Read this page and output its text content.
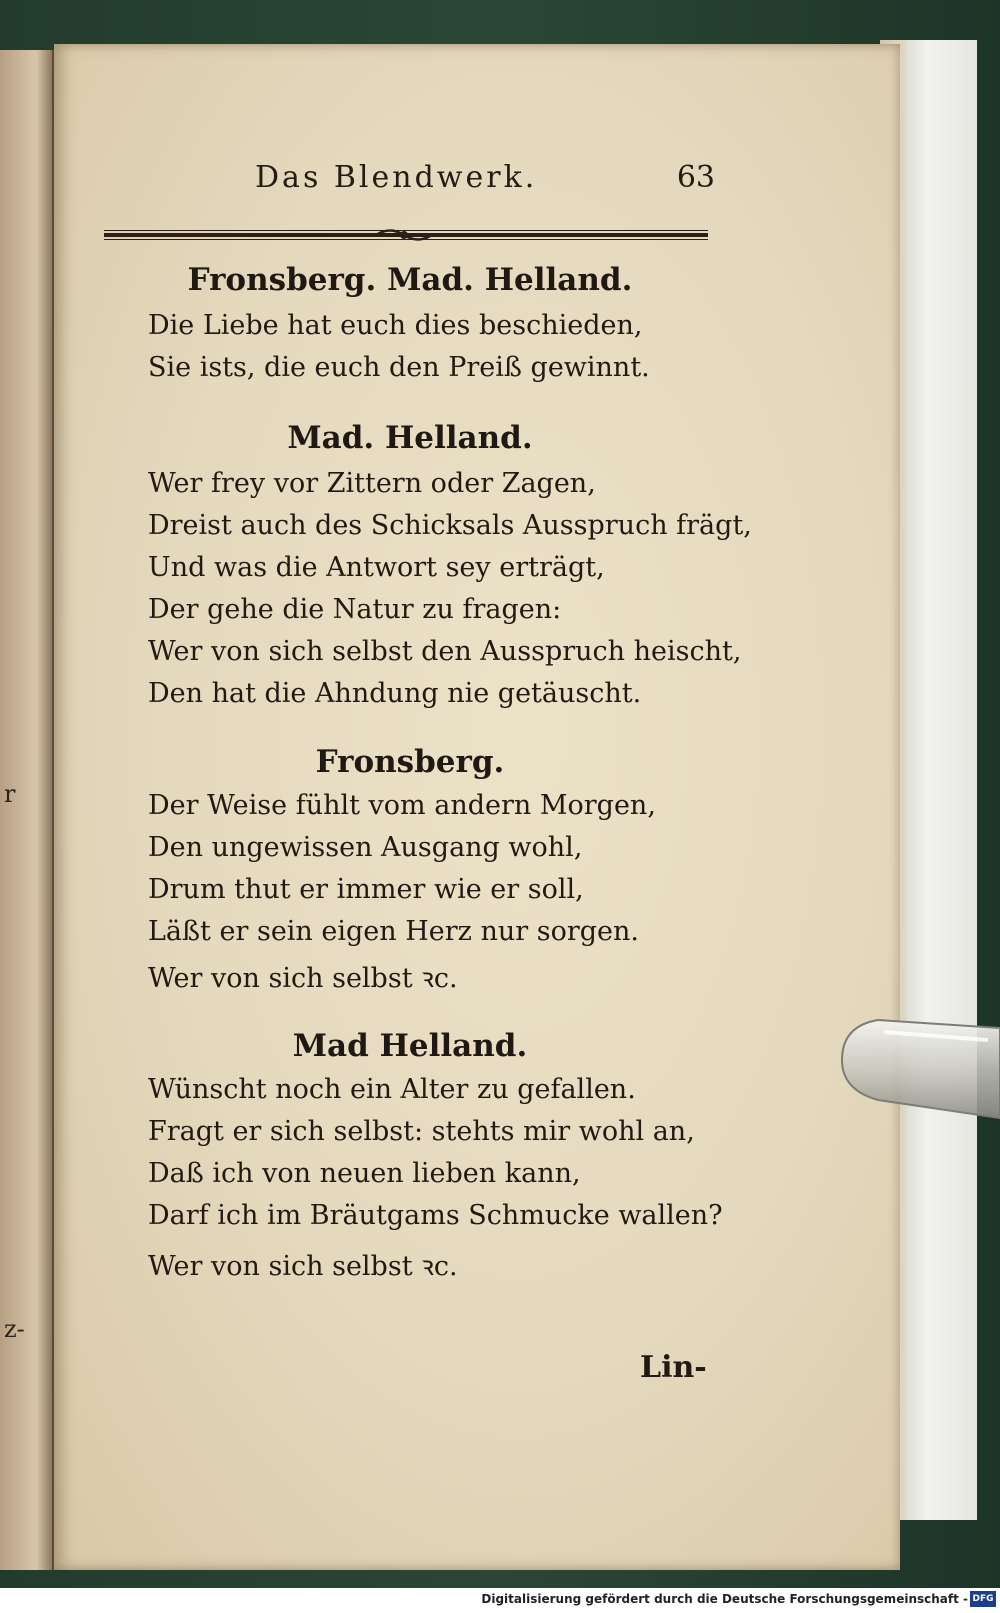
r
z-
Das Blendwerk.	63
Fronsberg. Mad. Helland.
Die Liebe hat euch dies beschieden,
Sie ists, die euch den Preiß gewinnt.
Mad. Helland.
Wer frey vor Zittern oder Zagen,
Dreist auch des Schicksals Ausspruch frägt,
Und was die Antwort sey erträgt,
Der gehe die Natur zu fragen:
Wer von sich selbst den Ausspruch heischt,
Den hat die Ahndung nie getäuscht.
Fronsberg.
Der Weise fühlt vom andern Morgen,
Den ungewissen Ausgang wohl,
Drum thut er immer wie er soll,
Läßt er sein eigen Herz nur sorgen.
Wer von sich selbst ꝛc.
Mad Helland.
Wünscht noch ein Alter zu gefallen.
Fragt er sich selbst: stehts mir wohl an,
Daß ich von neuen lieben kann,
Darf ich im Bräutgams Schmucke wallen?
Wer von sich selbst ꝛc.
Lin-
Digitalisierung gefördert durch die Deutsche Forschungsgemeinschaft - DFG
